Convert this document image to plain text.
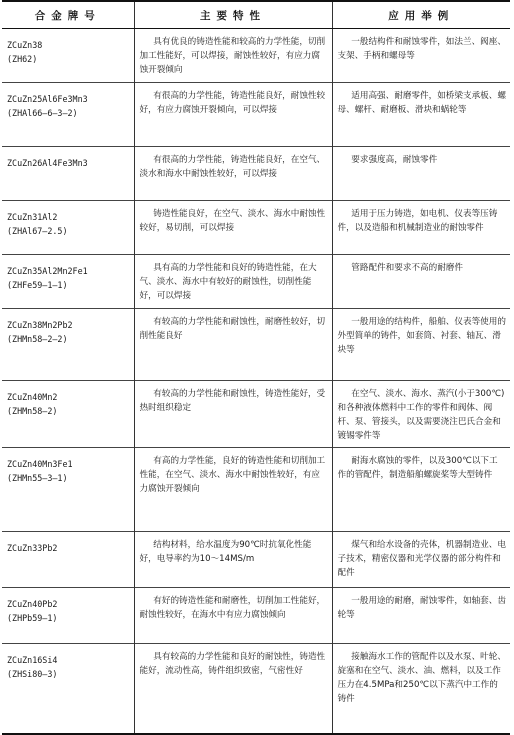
合金牌号	主要特性	应用举例

ZCuZn38
(ZH62)	具有优良的铸造性能和较高的力学性能，切削加工性能好，可以焊接，耐蚀性较好，有应力腐蚀开裂倾向	一般结构件和耐蚀零件，如法兰、阀座、支架、手柄和螺母等

ZCuZn25Al6Fe3Mn3
(ZHAl66—6—3—2)	有很高的力学性能，铸造性能良好，耐蚀性较好，有应力腐蚀开裂倾向，可以焊接	适用高强、耐磨零件，如桥梁支承板、螺母、螺杆、耐磨板、滑块和蜗轮等

ZCuZn26Al4Fe3Mn3	有很高的力学性能，铸造性能良好，在空气、淡水和海水中耐蚀性较好，可以焊接	要求强度高，耐蚀零件

ZCuZn31Al2
(ZHAl67—2.5)	铸造性能良好，在空气、淡水、海水中耐蚀性较好，易切削，可以焊接	适用于压力铸造，如电机、仪表等压铸件，以及造船和机械制造业的耐蚀零件

ZCuZn35Al2Mn2Fe1
(ZHFe59—1—1)	具有高的力学性能和良好的铸造性能，在大气、淡水、海水中有较好的耐蚀性，切削性能好，可以焊接	管路配件和要求不高的耐磨件

ZCuZn38Mn2Pb2
(ZHMn58—2—2)	有较高的力学性能和耐蚀性，耐磨性较好，切削性能良好	一般用途的结构件，船舶、仪表等使用的外型简单的铸件，如套筒、衬套、轴瓦、滑块等

ZCuZn40Mn2
(ZHMn58—2)	有较高的力学性能和耐蚀性，铸造性能好，受热时组织稳定	在空气、淡水、海水、蒸汽(小于300℃)和各种液体燃料中工作的零件和阀体、阀杆、泵、管接头，以及需要浇注巴氏合金和镀锡零件等

ZCuZn40Mn3Fe1
(ZHMn55—3—1)	有高的力学性能，良好的铸造性能和切削加工性能，在空气、淡水、海水中耐蚀性较好，有应力腐蚀开裂倾向	耐海水腐蚀的零件，以及300℃以下工作的管配件，制造船舶螺旋桨等大型铸件

ZCuZn33Pb2	结构材料，给水温度为90℃时抗氧化性能好，电导率约为10～14MS/m	煤气和给水设备的壳体，机器制造业、电子技术，精密仪器和光学仪器的部分构件和配件

ZCuZn40Pb2
(ZHPb59—1)	有好的铸造性能和耐磨性，切削加工性能好，耐蚀性较好，在海水中有应力腐蚀倾向	一般用途的耐磨，耐蚀零件，如轴套、齿轮等

ZCuZn16Si4
(ZHSi80—3)	具有较高的力学性能和良好的耐蚀性，铸造性能好，流动性高，铸件组织致密，气密性好	接触海水工作的管配件以及水泵、叶轮、旋塞和在空气、淡水、油、燃料，以及工作压力在4.5MPa和250℃以下蒸汽中工作的铸件
